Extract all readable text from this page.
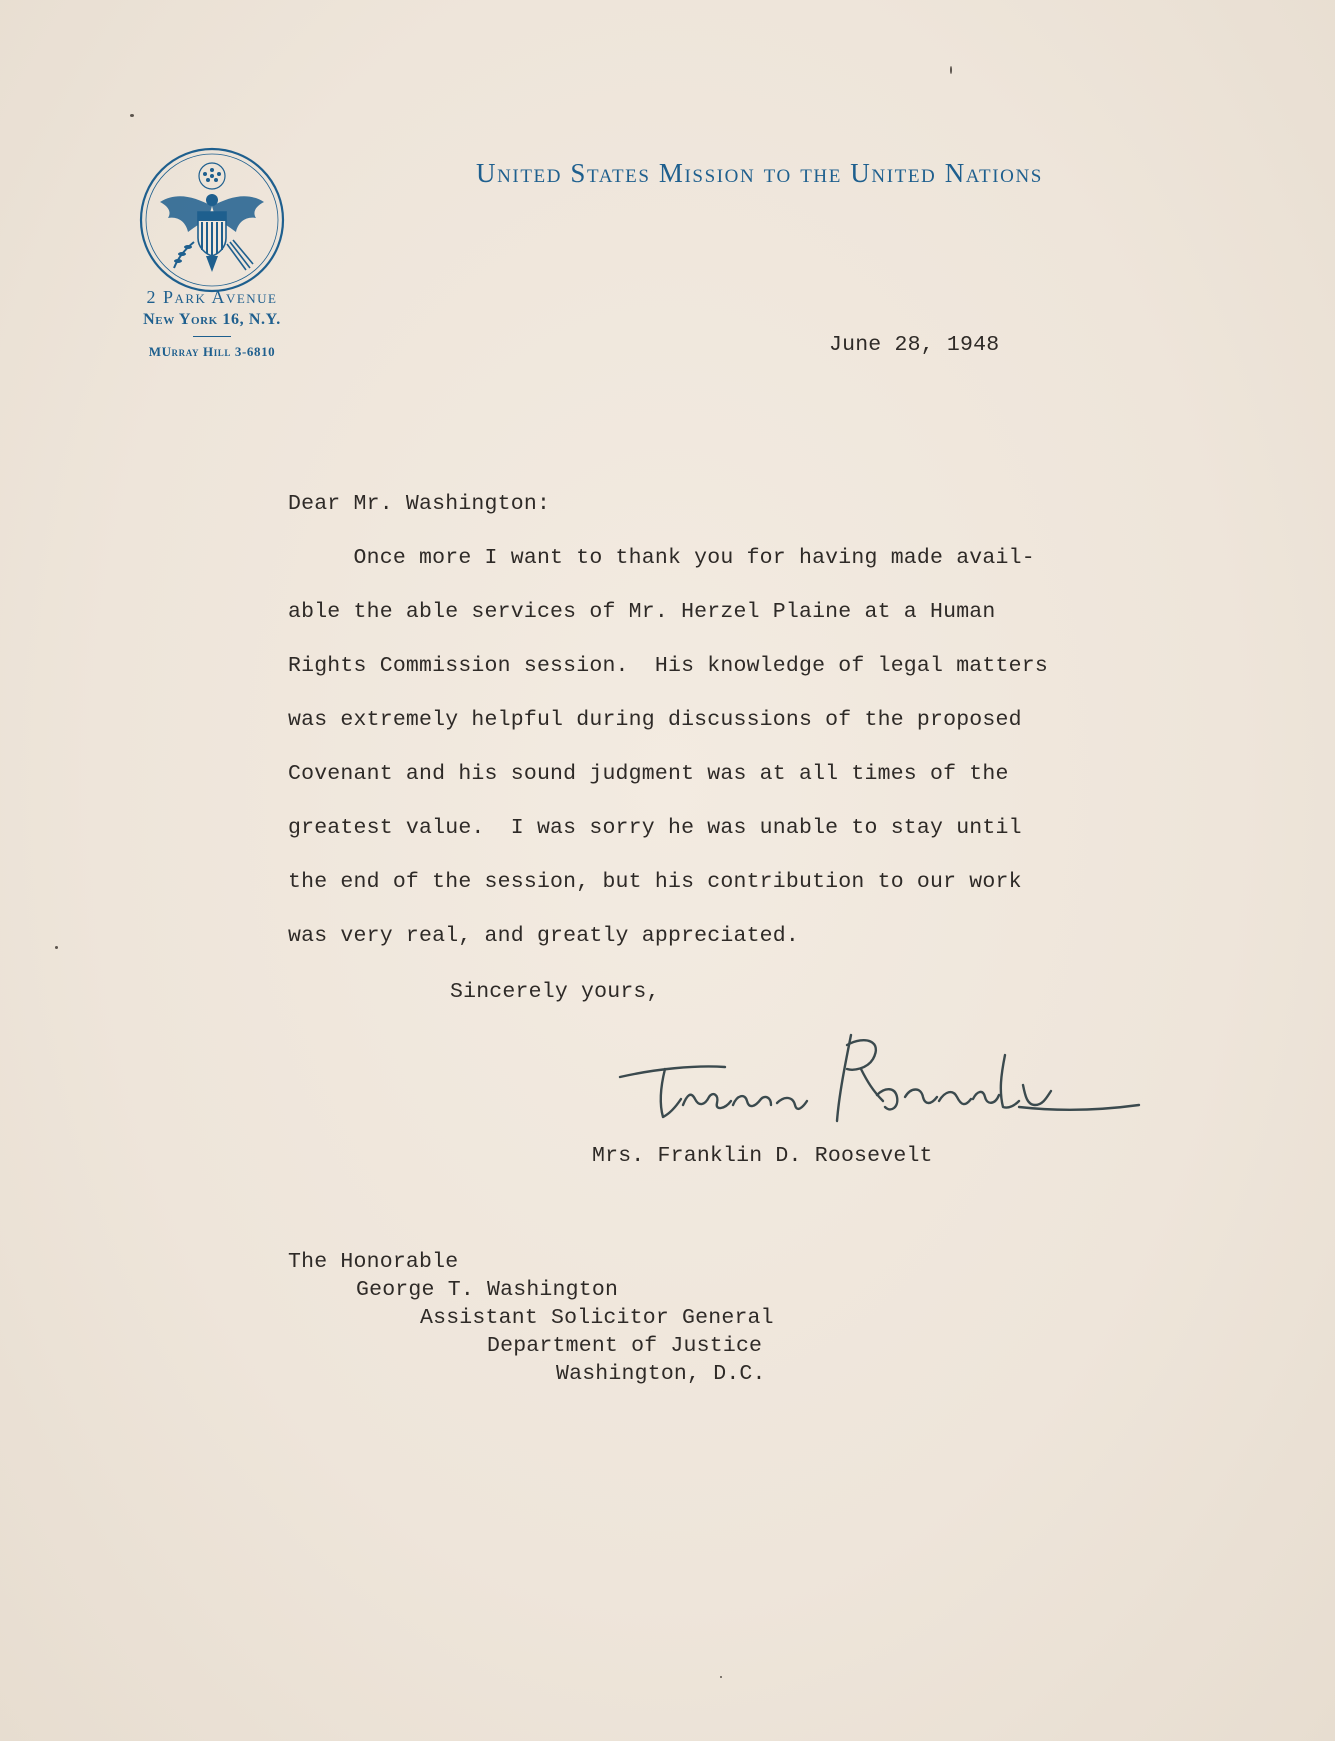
United States Mission to the United Nations
2 Park Avenue
New York 16, N.Y.
MUrray Hill 3-6810	June 28, 1948
Dear Mr. Washington:
Once more I want to thank you for having made avail-
able the able services of Mr. Herzel Plaine at a Human
Rights Commission session.  His knowledge of legal matters
was extremely helpful during discussions of the proposed
Covenant and his sound judgment was at all times of the
greatest value.  I was sorry he was unable to stay until
the end of the session, but his contribution to our work
was very real, and greatly appreciated.
Sincerely yours,
Mrs. Franklin D. Roosevelt
The Honorable
George T. Washington
Assistant Solicitor General
Department of Justice
Washington, D.C.
